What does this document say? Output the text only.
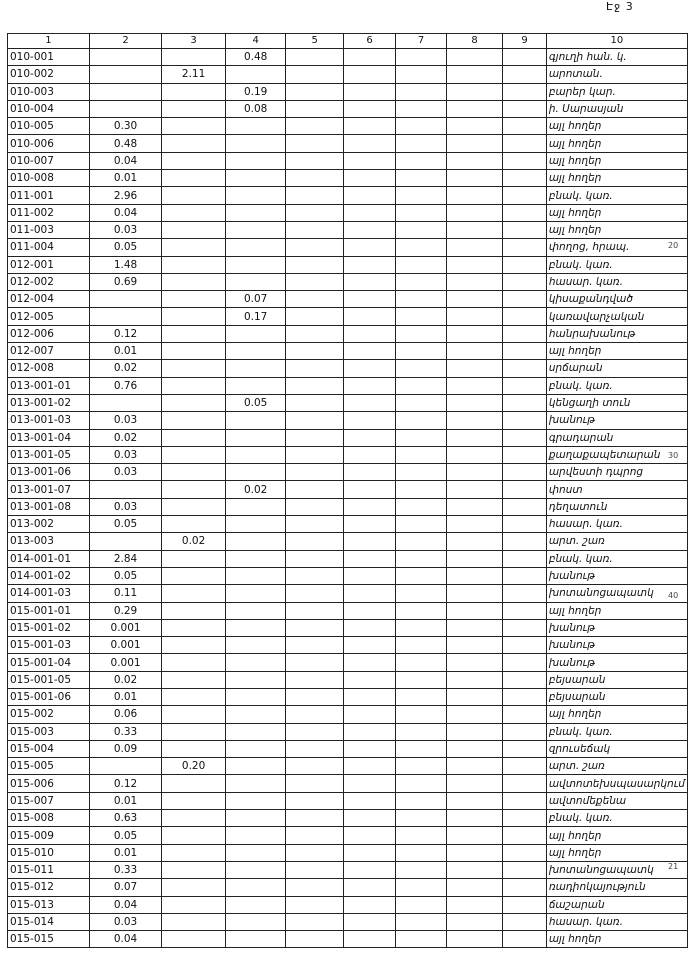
Էջ 3
20
30
40
21
1	2	3	4	5	6	7	8	9	10
010-001			0.48						գյուղի հան. կ.
010-002		2.11							արոտան.
010-003			0.19						բարեր կար.
010-004			0.08						ի. Սարասյան
010-005	0.30								այլ հողեր
010-006	0.48								այլ հողեր
010-007	0.04								այլ հողեր
010-008	0.01								այլ հողեր
011-001	2.96								բնակ. կառ.
011-002	0.04								այլ հողեր
011-003	0.03								այլ հողեր
011-004	0.05								փողոց, հրապ.
012-001	1.48								բնակ. կառ.
012-002	0.69								հասար. կառ.
012-004			0.07						կիսաքանդված
012-005			0.17						կառավարչական
012-006	0.12								հանրախանութ
012-007	0.01								այլ հողեր
012-008	0.02								սրճարան
013-001-01	0.76								բնակ. կառ.
013-001-02			0.05						կենցաղի տուն
013-001-03	0.03								խանութ
013-001-04	0.02								գրադարան
013-001-05	0.03								քաղաքապետարան
013-001-06	0.03								արվեստի դպրոց
013-001-07			0.02						փոստ
013-001-08	0.03								դեղատուն
013-002	0.05								հասար. կառ.
013-003		0.02							արտ. շառ
014-001-01	2.84								բնակ. կառ.
014-001-02	0.05								խանութ
014-001-03	0.11								խոտանոցապատկ
015-001-01	0.29								այլ հողեր
015-001-02	0.001								խանութ
015-001-03	0.001								խանութ
015-001-04	0.001								խանութ
015-001-05	0.02								բեյսարան
015-001-06	0.01								բեյսարան
015-002	0.06								այլ հողեր
015-003	0.33								բնակ. կառ.
015-004	0.09								զրուսեճակ
015-005		0.20							արտ. շառ
015-006	0.12								ավտոտեխսպասարկում
015-007	0.01								ավտոմեքենա
015-008	0.63								բնակ. կառ.
015-009	0.05								այլ հողեր
015-010	0.01								այլ հողեր
015-011	0.33								խոտանոցապատկ
015-012	0.07								ռադիոկայություն
015-013	0.04								ճաշարան
015-014	0.03								հասար. կառ.
015-015	0.04								այլ հողեր
